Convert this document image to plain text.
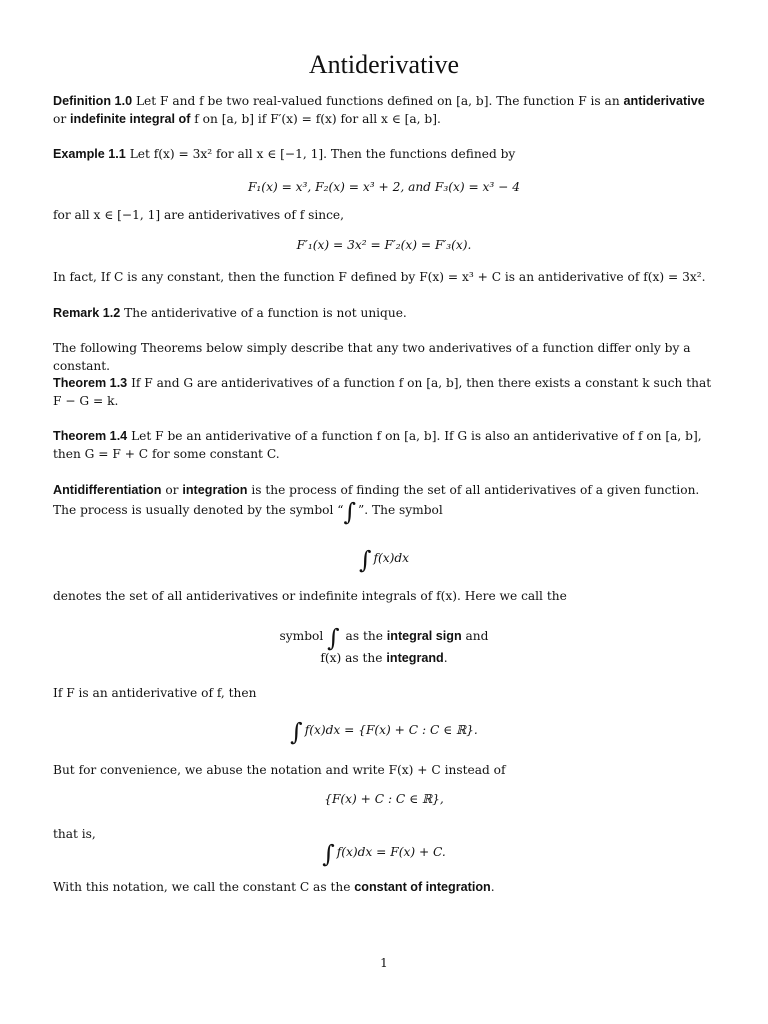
Antiderivative
Definition 1.0 Let F and f be two real-valued functions defined on [a, b]. The function F is an antiderivative or indefinite integral of f on [a, b] if F′(x) = f(x) for all x ∈ [a, b].
Example 1.1 Let f(x) = 3x² for all x ∈ [−1, 1]. Then the functions defined by
F₁(x) = x³, F₂(x) = x³ + 2, and F₃(x) = x³ − 4
for all x ∈ [−1, 1] are antiderivatives of f since,
F′₁(x) = 3x² = F′₂(x) = F′₃(x).
In fact, If C is any constant, then the function F defined by F(x) = x³ + C is an antiderivative of f(x) = 3x².
Remark 1.2 The antiderivative of a function is not unique.
The following Theorems below simply describe that any two anderivatives of a function differ only by a constant.
Theorem 1.3 If F and G are antiderivatives of a function f on [a, b], then there exists a constant k such that F − G = k.
Theorem 1.4 Let F be an antiderivative of a function f on [a, b]. If G is also an antiderivative of f on [a, b], then G = F + C for some constant C.
Antidifferentiation or integration is the process of finding the set of all antiderivatives of a given function. The process is usually denoted by the symbol “∫ ”. The symbol
∫ f(x)dx
denotes the set of all antiderivatives or indefinite integrals of f(x). Here we call the
symbol ∫ as the integral sign and
f(x) as the integrand.
If F is an antiderivative of f, then
∫ f(x)dx = {F(x) + C : C ∈ ℝ}.
But for convenience, we abuse the notation and write F(x) + C instead of
{F(x) + C : C ∈ ℝ},
that is,
∫ f(x)dx = F(x) + C.
With this notation, we call the constant C as the constant of integration.
1
